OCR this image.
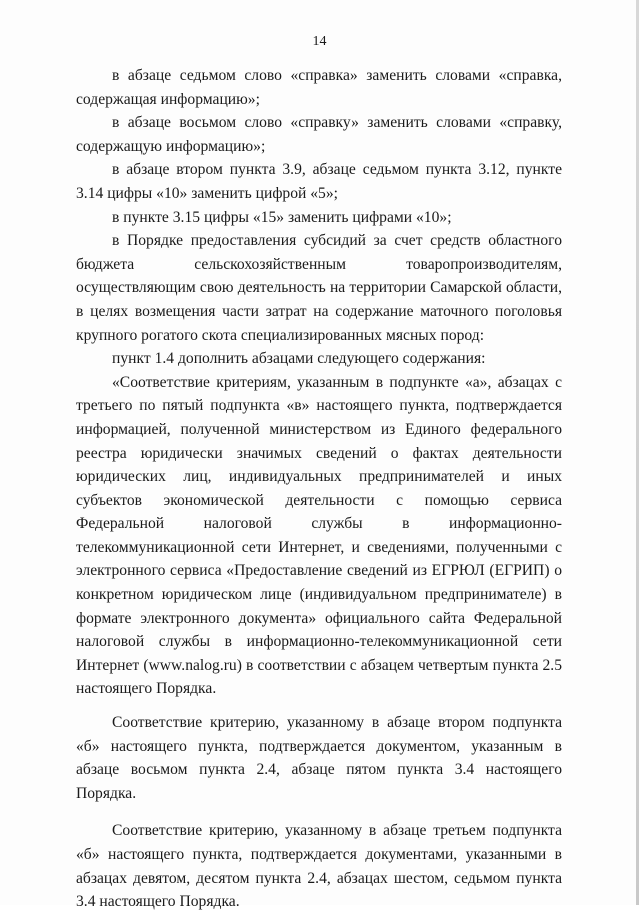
14

в абзаце седьмом слово «справка» заменить словами «справка, содержащая информацию»;

в абзаце восьмом слово «справку» заменить словами «справку, содержащую информацию»;

в абзаце втором пункта 3.9, абзаце седьмом пункта 3.12, пункте 3.14 цифры «10» заменить цифрой «5»;

в пункте 3.15 цифры «15» заменить цифрами «10»;

в Порядке предоставления субсидий за счет средств областного бюджета сельскохозяйственным товаропроизводителям, осуществляющим свою деятельность на территории Самарской области, в целях возмещения части затрат на содержание маточного поголовья крупного рогатого скота специализированных мясных пород:

пункт 1.4 дополнить абзацами следующего содержания:

«Соответствие критериям, указанным в подпункте «а», абзацах с третьего по пятый подпункта «в» настоящего пункта, подтверждается информацией, полученной министерством из Единого федерального реестра юридически значимых сведений о фактах деятельности юридических лиц, индивидуальных предпринимателей и иных субъектов экономической деятельности с помощью сервиса Федеральной налоговой службы в информационно-телекоммуникационной сети Интернет, и сведениями, полученными с электронного сервиса «Предоставление сведений из ЕГРЮЛ (ЕГРИП) о конкретном юридическом лице (индивидуальном предпринимателе) в формате электронного документа» официального сайта Федеральной налоговой службы в информационно-телекоммуникационной сети Интернет (www.nalog.ru) в соответствии с абзацем четвертым пункта 2.5 настоящего Порядка.

Соответствие критерию, указанному в абзаце втором подпункта «б» настоящего пункта, подтверждается документом, указанным в абзаце восьмом пункта 2.4, абзаце пятом пункта 3.4 настоящего Порядка.

Соответствие критерию, указанному в абзаце третьем подпункта «б» настоящего пункта, подтверждается документами, указанными в абзацах девятом, десятом пункта 2.4, абзацах шестом, седьмом пункта 3.4 настоящего Порядка.
